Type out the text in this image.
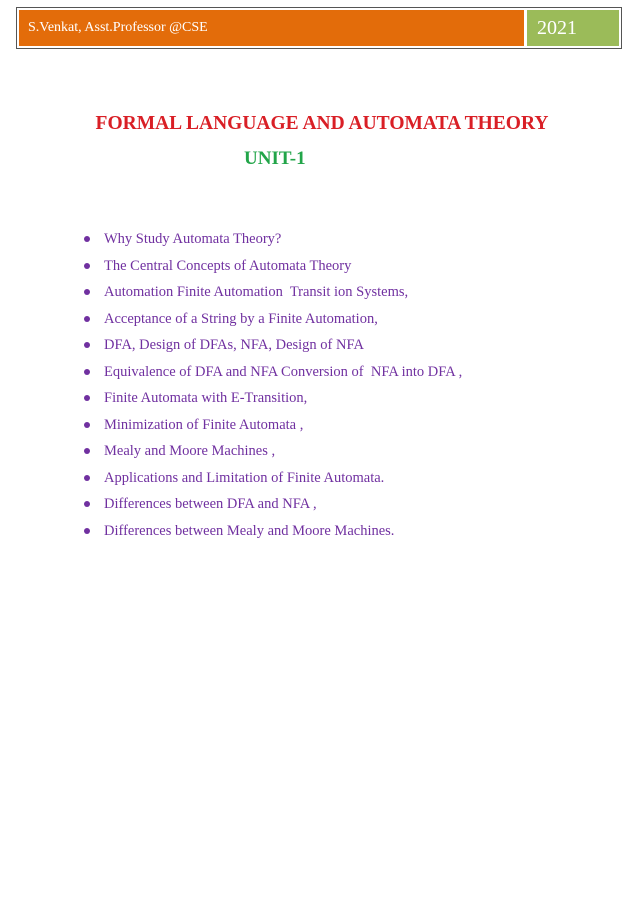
S.Venkat, Asst.Professor @CSE	2021
FORMAL LANGUAGE AND AUTOMATA THEORY
UNIT-1
Why Study Automata Theory?
The Central Concepts of Automata Theory
Automation Finite Automation  Transit ion Systems,
Acceptance of a String by a Finite Automation,
DFA, Design of DFAs, NFA, Design of NFA
Equivalence of DFA and NFA Conversion of  NFA into DFA ,
Finite Automata with E-Transition,
Minimization of Finite Automata ,
Mealy and Moore Machines ,
Applications and Limitation of Finite Automata.
Differences between DFA and NFA ,
Differences between Mealy and Moore Machines.
